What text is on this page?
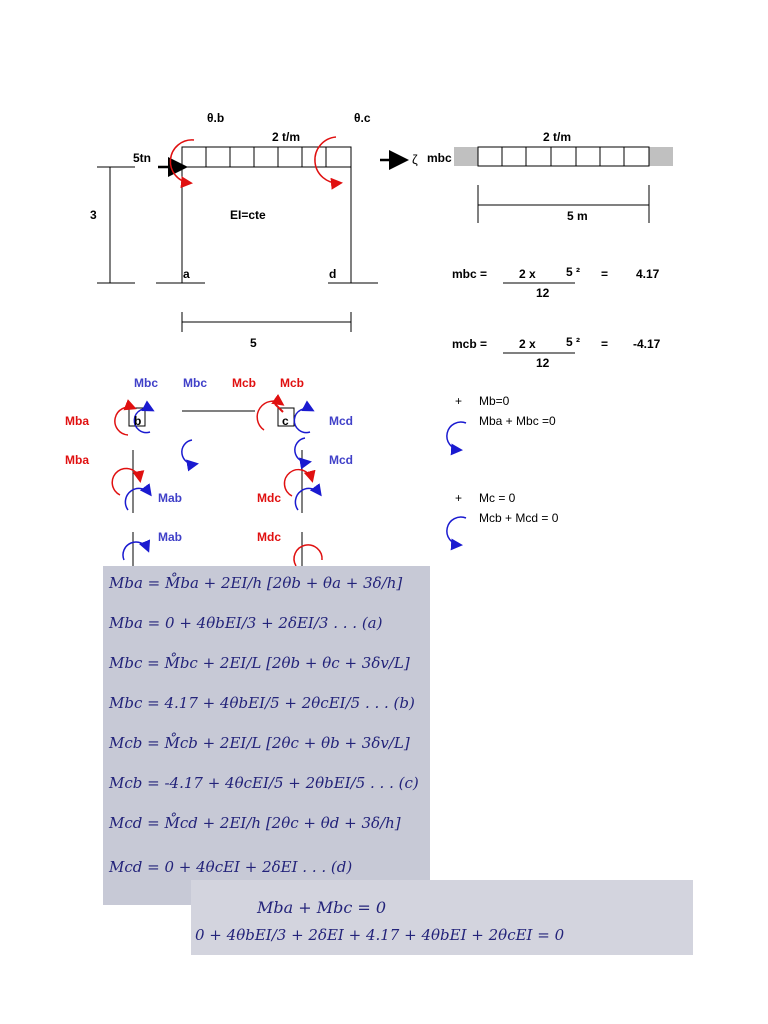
θ.b	θ.c
2 t/m
5tn
3	EI=cte
a	d
5
ζ mbc
2 t/m
5 m
mbc =	2 x	5 ² = 4.17
12
mcb =	2 x	5 ² = -4.17
12
Mbc Mbc Mcb Mcb
Mba	b	c	Mcd
Mba	Mcd
Mab	Mdc
Mab	Mdc
+ Mb=0
Mba + Mbc =0
+ Mc = 0
Mcb + Mcd = 0
Mba = M̊ba + 2EI/h [2θb + θa + 3δ/h]
Mba = 0 + 4θbEI/3 + 2δEI/3 . . . (a)
Mbc = M̊bc + 2EI/L [2θb + θc + 3δv/L]
Mbc = 4.17 + 4θbEI/5 + 2θcEI/5 . . . (b)
Mcb = M̊cb + 2EI/L [2θc + θb + 3δv/L]
Mcb = -4.17 + 4θcEI/5 + 2θbEI/5 . . . (c)
Mcd = M̊cd + 2EI/h [2θc + θd + 3δ/h]
Mcd = 0 + 4θcEI + 2δEI . . . (d)
Mba + Mbc = 0
0 + 4θbEI/3 + 2δEI + 4.17 + 4θbEI + 2θcEI = 0
